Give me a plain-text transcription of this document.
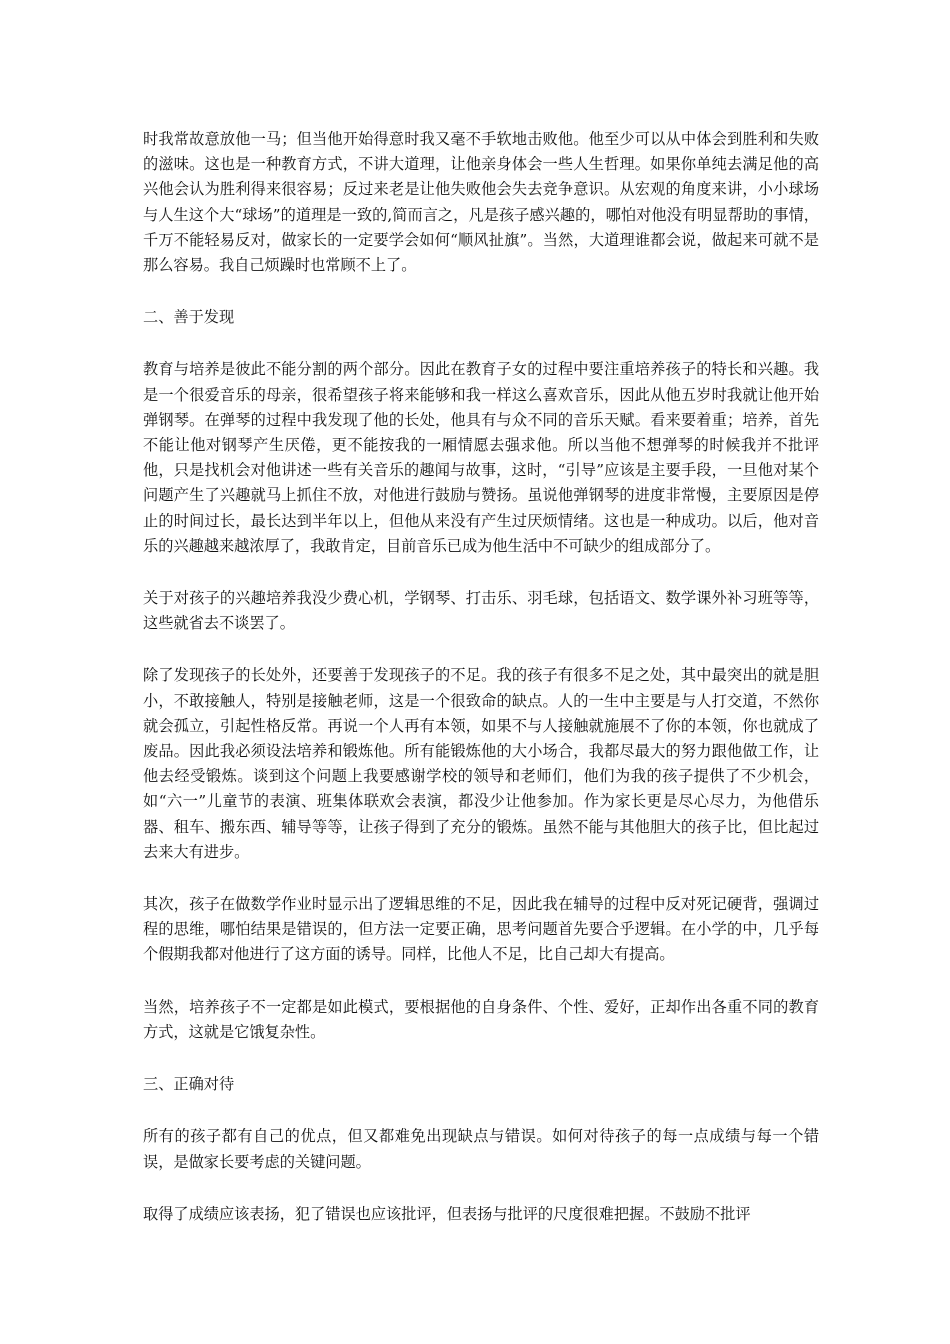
时我常故意放他一马；但当他开始得意时我又毫不手软地击败他。他至少可以从中体会到胜利和失败的滋味。这也是一种教育方式，不讲大道理，让他亲身体会一些人生哲理。如果你单纯去满足他的高兴他会认为胜利得来很容易；反过来老是让他失败他会失去竞争意识。从宏观的角度来讲，小小球场与人生这个大“球场”的道理是一致的,简而言之，凡是孩子感兴趣的，哪怕对他没有明显帮助的事情，千万不能轻易反对，做家长的一定要学会如何“顺风扯旗”。当然，大道理谁都会说，做起来可就不是那么容易。我自己烦躁时也常顾不上了。

二、善于发现

教育与培养是彼此不能分割的两个部分。因此在教育子女的过程中要注重培养孩子的特长和兴趣。我是一个很爱音乐的母亲，很希望孩子将来能够和我一样这么喜欢音乐，因此从他五岁时我就让他开始弹钢琴。在弹琴的过程中我发现了他的长处，他具有与众不同的音乐天赋。看来要着重；培养，首先不能让他对钢琴产生厌倦，更不能按我的一厢情愿去强求他。所以当他不想弹琴的时候我并不批评他，只是找机会对他讲述一些有关音乐的趣闻与故事，这时，“引导”应该是主要手段，一旦他对某个问题产生了兴趣就马上抓住不放，对他进行鼓励与赞扬。虽说他弹钢琴的进度非常慢，主要原因是停止的时间过长，最长达到半年以上，但他从来没有产生过厌烦情绪。这也是一种成功。以后，他对音乐的兴趣越来越浓厚了，我敢肯定，目前音乐已成为他生活中不可缺少的组成部分了。

关于对孩子的兴趣培养我没少费心机，学钢琴、打击乐、羽毛球，包括语文、数学课外补习班等等，这些就省去不谈罢了。

除了发现孩子的长处外，还要善于发现孩子的不足。我的孩子有很多不足之处，其中最突出的就是胆小，不敢接触人，特别是接触老师，这是一个很致命的缺点。人的一生中主要是与人打交道，不然你就会孤立，引起性格反常。再说一个人再有本领，如果不与人接触就施展不了你的本领，你也就成了废品。因此我必须设法培养和锻炼他。所有能锻炼他的大小场合，我都尽最大的努力跟他做工作，让他去经受锻炼。谈到这个问题上我要感谢学校的领导和老师们，他们为我的孩子提供了不少机会，如“六一”儿童节的表演、班集体联欢会表演，都没少让他参加。作为家长更是尽心尽力，为他借乐器、租车、搬东西、辅导等等，让孩子得到了充分的锻炼。虽然不能与其他胆大的孩子比，但比起过去来大有进步。

其次，孩子在做数学作业时显示出了逻辑思维的不足，因此我在辅导的过程中反对死记硬背，强调过程的思维，哪怕结果是错误的，但方法一定要正确，思考问题首先要合乎逻辑。在小学的中，几乎每个假期我都对他进行了这方面的诱导。同样，比他人不足，比自己却大有提高。

当然，培养孩子不一定都是如此模式，要根据他的自身条件、个性、爱好，正却作出各重不同的教育方式，这就是它饿复杂性。

三、正确对待

所有的孩子都有自己的优点，但又都难免出现缺点与错误。如何对待孩子的每一点成绩与每一个错误，是做家长要考虑的关键问题。

取得了成绩应该表扬，犯了错误也应该批评，但表扬与批评的尺度很难把握。不鼓励不批评
